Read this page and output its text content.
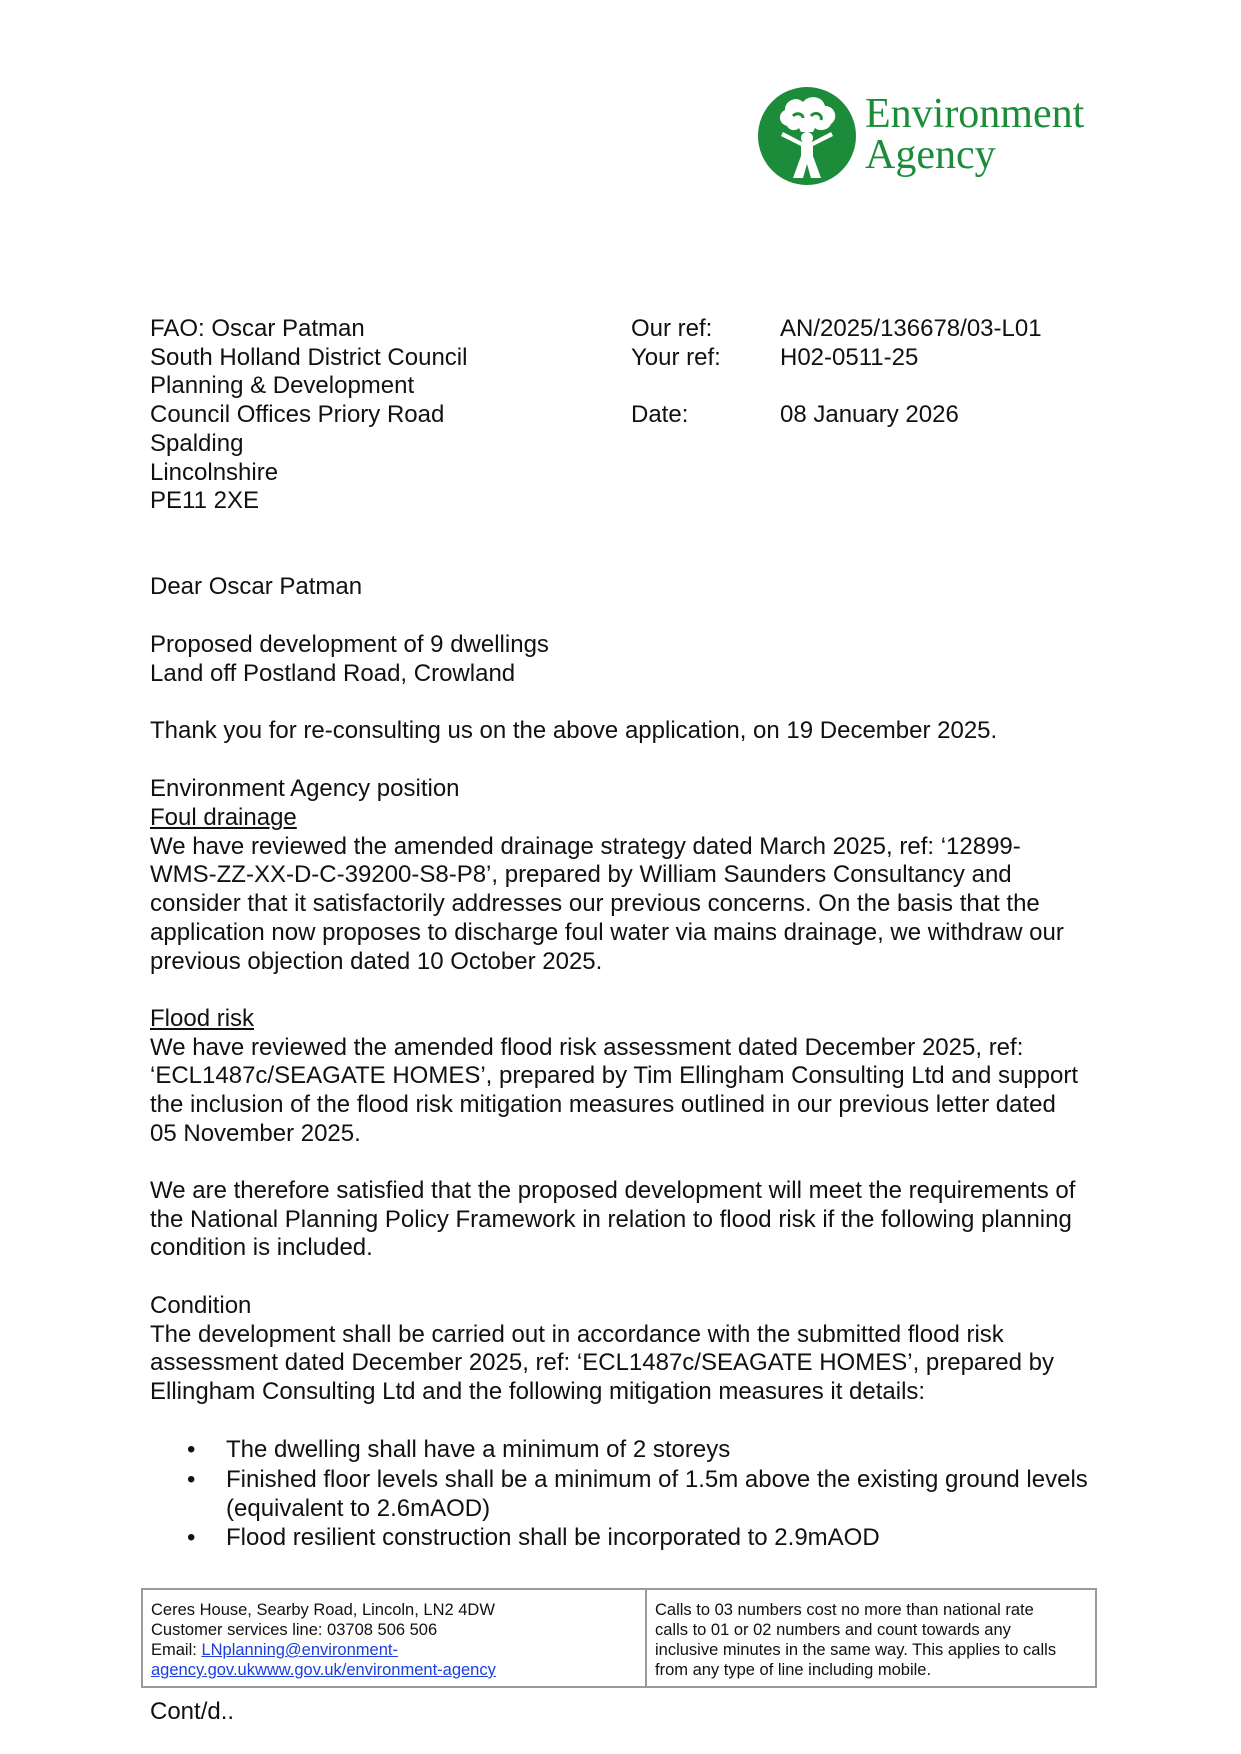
Environment
Agency
FAO: Oscar Patman
South Holland District Council
Planning & Development
Council Offices Priory Road
Spalding
Lincolnshire
PE11 2XE
Our ref:	AN/2025/136678/03-L01
Your ref: H02-0511-25
Date:	08 January 2026
Dear Oscar Patman
Proposed development of 9 dwellings
Land off Postland Road, Crowland
Thank you for re-consulting us on the above application, on 19 December 2025.
Environment Agency position
Foul drainage
We have reviewed the amended drainage strategy dated March 2025, ref: ‘12899-
WMS-ZZ-XX-D-C-39200-S8-P8’, prepared by William Saunders Consultancy and
consider that it satisfactorily addresses our previous concerns. On the basis that the
application now proposes to discharge foul water via mains drainage, we withdraw our
previous objection dated 10 October 2025.
Flood risk
We have reviewed the amended flood risk assessment dated December 2025, ref:
‘ECL1487c/SEAGATE HOMES’, prepared by Tim Ellingham Consulting Ltd and support
the inclusion of the flood risk mitigation measures outlined in our previous letter dated
05 November 2025.
We are therefore satisfied that the proposed development will meet the requirements of
the National Planning Policy Framework in relation to flood risk if the following planning
condition is included.
Condition
The development shall be carried out in accordance with the submitted flood risk
assessment dated December 2025, ref: ‘ECL1487c/SEAGATE HOMES’, prepared by
Ellingham Consulting Ltd and the following mitigation measures it details:
• The dwelling shall have a minimum of 2 storeys
• Finished floor levels shall be a minimum of 1.5m above the existing ground levels
(equivalent to 2.6mAOD)
• Flood resilient construction shall be incorporated to 2.9mAOD
Ceres House, Searby Road, Lincoln, LN2 4DW
Customer services line: 03708 506 506
Email: LNplanning@environment-
agency.gov.ukwww.gov.uk/environment-agency
Calls to 03 numbers cost no more than national rate
calls to 01 or 02 numbers and count towards any
inclusive minutes in the same way. This applies to calls
from any type of line including mobile.
Cont/d..
